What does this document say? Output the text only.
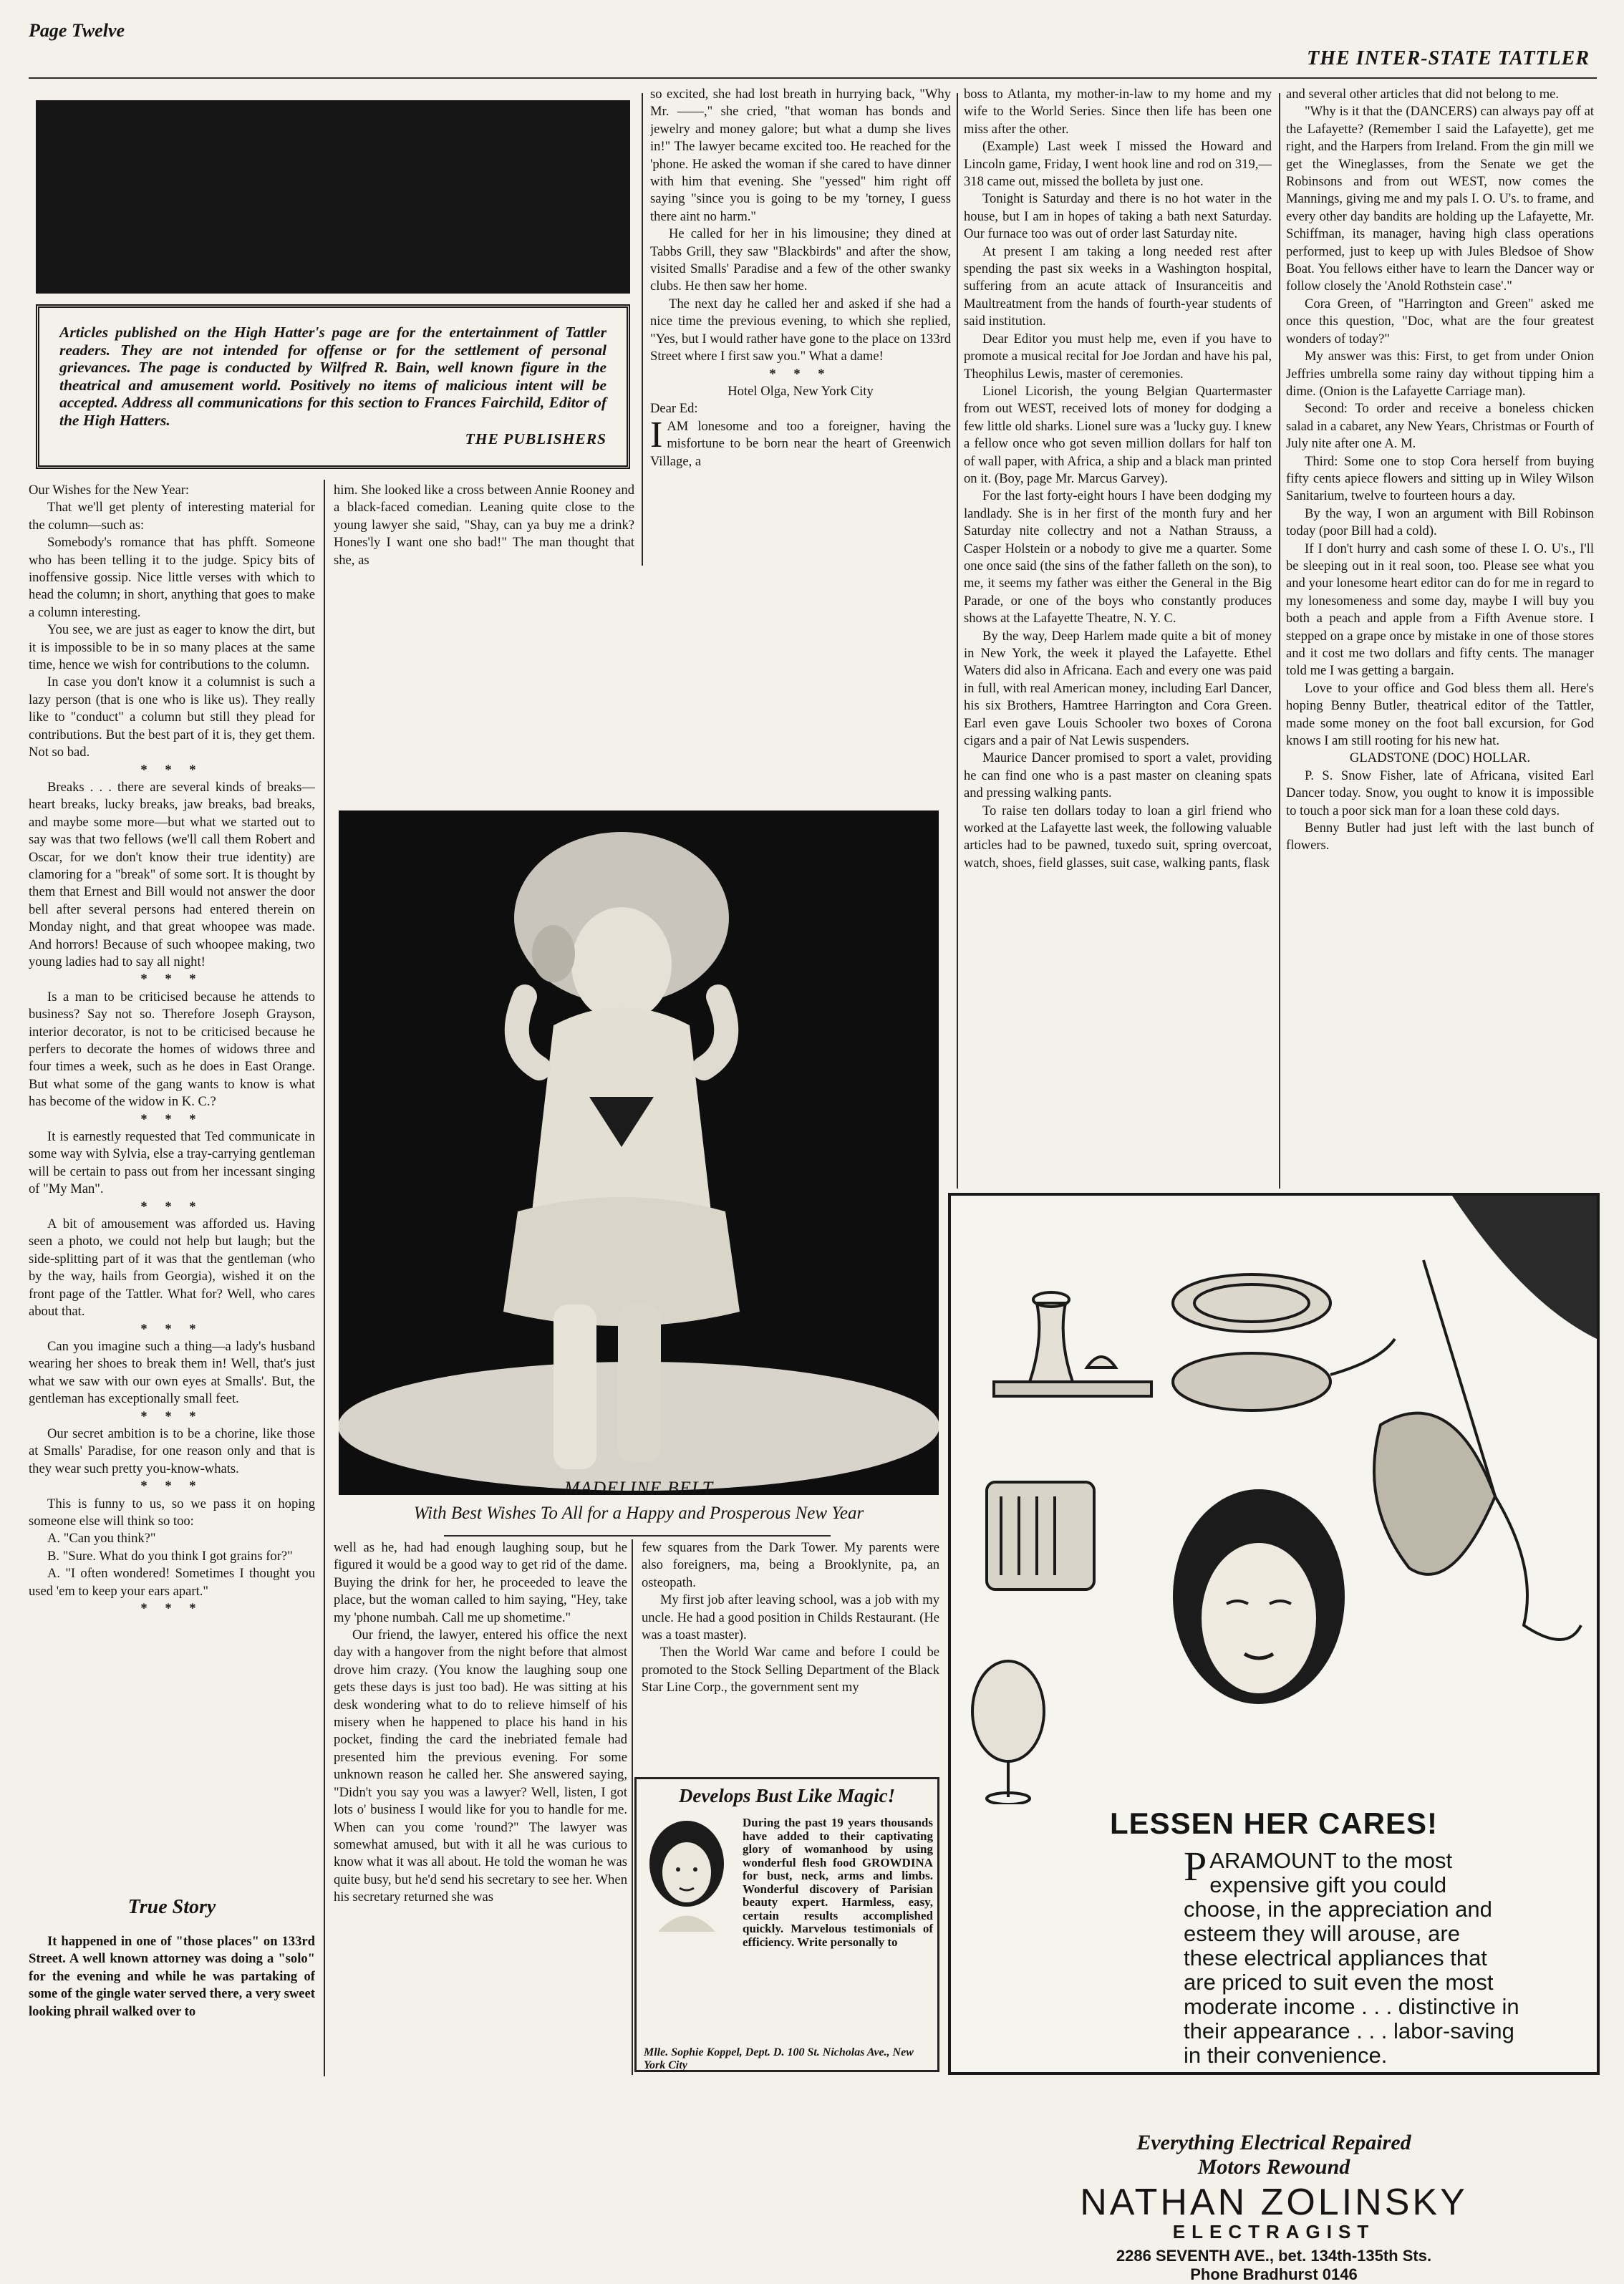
Page Twelve
THE INTER-STATE TATTLER
Articles published on the High Hatter's page are for the entertainment of Tattler readers. They are not intended for offense or for the settlement of personal grievances. The page is conducted by Wilfred R. Bain, well known figure in the theatrical and amusement world. Positively no items of malicious intent will be accepted. Address all communications for this section to Frances Fairchild, Editor of the High Hatters.
THE PUBLISHERS

Our Wishes for the New Year:

That we'll get plenty of interesting material for the column—such as:

Somebody's romance that has phfft. Someone who has been telling it to the judge. Spicy bits of inoffensive gossip. Nice little verses with which to head the column; in short, anything that goes to make a column interesting.

You see, we are just as eager to know the dirt, but it is impossible to be in so many places at the same time, hence we wish for contributions to the column.

In case you don't know it a columnist is such a lazy person (that is one who is like us). They really like to "conduct" a column but still they plead for contributions. But the best part of it is, they get them. Not so bad.

* * *

Breaks . . . there are several kinds of breaks—heart breaks, lucky breaks, jaw breaks, bad breaks, and maybe some more—but what we started out to say was that two fellows (we'll call them Robert and Oscar, for we don't know their true identity) are clamoring for a "break" of some sort. It is thought by them that Ernest and Bill would not answer the door bell after several persons had entered therein on Monday night, and that great whoopee was made. And horrors! Because of such whoopee making, two young ladies had to say all night!

* * *

Is a man to be criticised because he attends to business? Say not so. Therefore Joseph Grayson, interior decorator, is not to be criticised because he perfers to decorate the homes of widows three and four times a week, such as he does in East Orange. But what some of the gang wants to know is what has become of the widow in K. C.?

* * *

It is earnestly requested that Ted communicate in some way with Sylvia, else a tray-carrying gentleman will be certain to pass out from her incessant singing of "My Man".

* * *

A bit of amousement was afforded us. Having seen a photo, we could not help but laugh; but the side-splitting part of it was that the gentleman (who by the way, hails from Georgia), wished it on the front page of the Tattler. What for? Well, who cares about that.

* * *

Can you imagine such a thing—a lady's husband wearing her shoes to break them in! Well, that's just what we saw with our own eyes at Smalls'. But, the gentleman has exceptionally small feet.

* * *

Our secret ambition is to be a chorine, like those at Smalls' Paradise, for one reason only and that is they wear such pretty you-know-whats.

* * *

This is funny to us, so we pass it on hoping someone else will think so too:

A. "Can you think?"

B. "Sure. What do you think I got grains for?"

A. "I often wondered! Sometimes I thought you used 'em to keep your ears apart."

* * *

True Story

It happened in one of "those places" on 133rd Street. A well known attorney was doing a "solo" for the evening and while he was partaking of some of the gingle water served there, a very sweet looking phrail walked over to

him. She looked like a cross between Annie Rooney and a black-faced comedian. Leaning quite close to the young lawyer she said, "Shay, can ya buy me a drink? Hones'ly I want one sho bad!" The man thought that she, as

so excited, she had lost breath in hurrying back, "Why Mr. ——," she cried, "that woman has bonds and jewelry and money galore; but what a dump she lives in!" The lawyer became excited too. He reached for the 'phone. He asked the woman if she cared to have dinner with him that evening. She "yessed" him right off saying "since you is going to be my 'torney, I guess there aint no harm."

He called for her in his limousine; they dined at Tabbs Grill, they saw "Blackbirds" and after the show, visited Smalls' Paradise and a few of the other swanky clubs. He then saw her home.

The next day he called her and asked if she had a nice time the previous evening, to which she replied, "Yes, but I would rather have gone to the place on 133rd Street where I first saw you." What a dame!

* * *

Hotel Olga, New York City

Dear Ed:

IAM lonesome and too a foreigner, having the misfortune to be born near the heart of Greenwich Village, a

boss to Atlanta, my mother-in-law to my home and my wife to the World Series. Since then life has been one miss after the other.

(Example) Last week I missed the Howard and Lincoln game, Friday, I went hook line and rod on 319,—318 came out, missed the bolleta by just one.

Tonight is Saturday and there is no hot water in the house, but I am in hopes of taking a bath next Saturday. Our furnace too was out of order last Saturday nite.

At present I am taking a long needed rest after spending the past six weeks in a Washington hospital, suffering from an acute attack of Insuranceitis and Maultreatment from the hands of fourth-year students of said institution.

Dear Editor you must help me, even if you have to promote a musical recital for Joe Jordan and have his pal, Theophilus Lewis, master of ceremonies.

Lionel Licorish, the young Belgian Quartermaster from out WEST, received lots of money for dodging a few little old sharks. Lionel sure was a 'lucky guy. I knew a fellow once who got seven million dollars for half ton of wall paper, with Africa, a ship and a black man printed on it. (Boy, page Mr. Marcus Garvey).

For the last forty-eight hours I have been dodging my landlady. She is in her first of the month fury and her Saturday nite collectry and not a Nathan Strauss, a Casper Holstein or a nobody to give me a quarter. Some one once said (the sins of the father falleth on the son), to me, it seems my father was either the General in the Big Parade, or one of the boys who constantly produces shows at the Lafayette Theatre, N. Y. C.

By the way, Deep Harlem made quite a bit of money in New York, the week it played the Lafayette. Ethel Waters did also in Africana. Each and every one was paid in full, with real American money, including Earl Dancer, his six Brothers, Hamtree Harrington and Cora Green. Earl even gave Louis Schooler two boxes of Corona cigars and a pair of Nat Lewis suspenders.

Maurice Dancer promised to sport a valet, providing he can find one who is a past master on cleaning spats and pressing walking pants.

To raise ten dollars today to loan a girl friend who worked at the Lafayette last week, the following valuable articles had to be pawned, tuxedo suit, spring overcoat, watch, shoes, field glasses, suit case, walking pants, flask

and several other articles that did not belong to me.

"Why is it that the (DANCERS) can always pay off at the Lafayette? (Remember I said the Lafayette), get me right, and the Harpers from Ireland. From the gin mill we get the Wineglasses, from the Senate we get the Robinsons and from out WEST, now comes the Mannings, giving me and my pals I. O. U's. to frame, and every other day bandits are holding up the Lafayette, Mr. Schiffman, its manager, having high class operations performed, just to keep up with Jules Bledsoe of Show Boat. You fellows either have to learn the Dancer way or follow closely the 'Anold Rothstein case'."

Cora Green, of "Harrington and Green" asked me once this question, "Doc, what are the four greatest wonders of today?"

My answer was this: First, to get from under Onion Jeffries umbrella some rainy day without tipping him a dime. (Onion is the Lafayette Carriage man).

Second: To order and receive a boneless chicken salad in a cabaret, any New Years, Christmas or Fourth of July nite after one A. M.

Third: Some one to stop Cora herself from buying fifty cents apiece flowers and sitting up in Wiley Wilson Sanitarium, twelve to fourteen hours a day.

By the way, I won an argument with Bill Robinson today (poor Bill had a cold).

If I don't hurry and cash some of these I. O. U's., I'll be sleeping out in it real soon, too. Please see what you and your lonesome heart editor can do for me in regard to my lonesomeness and some day, maybe I will buy you both a peach and apple from a Fifth Avenue store. I stepped on a grape once by mistake in one of those stores and it cost me two dollars and fifty cents. The manager told me I was getting a bargain.

Love to your office and God bless them all. Here's hoping Benny Butler, theatrical editor of the Tattler, made some money on the foot ball excursion, for God knows I am still rooting for his new hat.

GLADSTONE (DOC) HOLLAR.

P. S. Snow Fisher, late of Africana, visited Earl Dancer today. Snow, you ought to know it is impossible to touch a poor sick man for a loan these cold days.

Benny Butler had just left with the last bunch of flowers.

MADELINE BELT
With Best Wishes To All for a Happy and Prosperous New Year

well as he, had had enough laughing soup, but he figured it would be a good way to get rid of the dame. Buying the drink for her, he proceeded to leave the place, but the woman called to him saying, "Hey, take my 'phone numbah. Call me up shometime."

Our friend, the lawyer, entered his office the next day with a hangover from the night before that almost drove him crazy. (You know the laughing soup one gets these days is just too bad). He was sitting at his desk wondering what to do to relieve himself of his misery when he happened to place his hand in his pocket, finding the card the inebriated female had presented him the previous evening. For some unknown reason he called her. She answered saying, "Didn't you say you was a lawyer? Well, listen, I got lots o' business I would like for you to handle for me. When can you come 'round?" The lawyer was somewhat amused, but with it all he was curious to know what it was all about. He told the woman he was quite busy, but he'd send his secretary to see her. When his secretary returned she was

few squares from the Dark Tower. My parents were also foreigners, ma, being a Brooklynite, pa, an osteopath.

My first job after leaving school, was a job with my uncle. He had a good position in Childs Restaurant. (He was a toast master).

Then the World War came and before I could be promoted to the Stock Selling Department of the Black Star Line Corp., the government sent my

Develops Bust Like Magic!
During the past 19 years thousands have added to their captivating glory of womanhood by using wonderful flesh food GROWDINA for bust, neck, arms and limbs. Wonderful discovery of Parisian beauty expert. Harmless, easy, certain results accomplished quickly. Marvelous testimonials of efficiency. Write personally to
Mlle. Sophie Koppel, Dept. D. 100 St. Nicholas Ave., New York City
LESSEN HER CARES!
PARAMOUNT to the most expensive gift you could choose, in the appreciation and esteem they will arouse, are these electrical appliances that are priced to suit even the most moderate income . . . distinctive in their appearance . . . labor-saving in their convenience.
Everything Electrical Repaired
Motors Rewound
NATHAN ZOLINSKY
ELECTRAGIST
2286 SEVENTH AVE., bet. 134th-135th Sts.
Phone Bradhurst 0146
